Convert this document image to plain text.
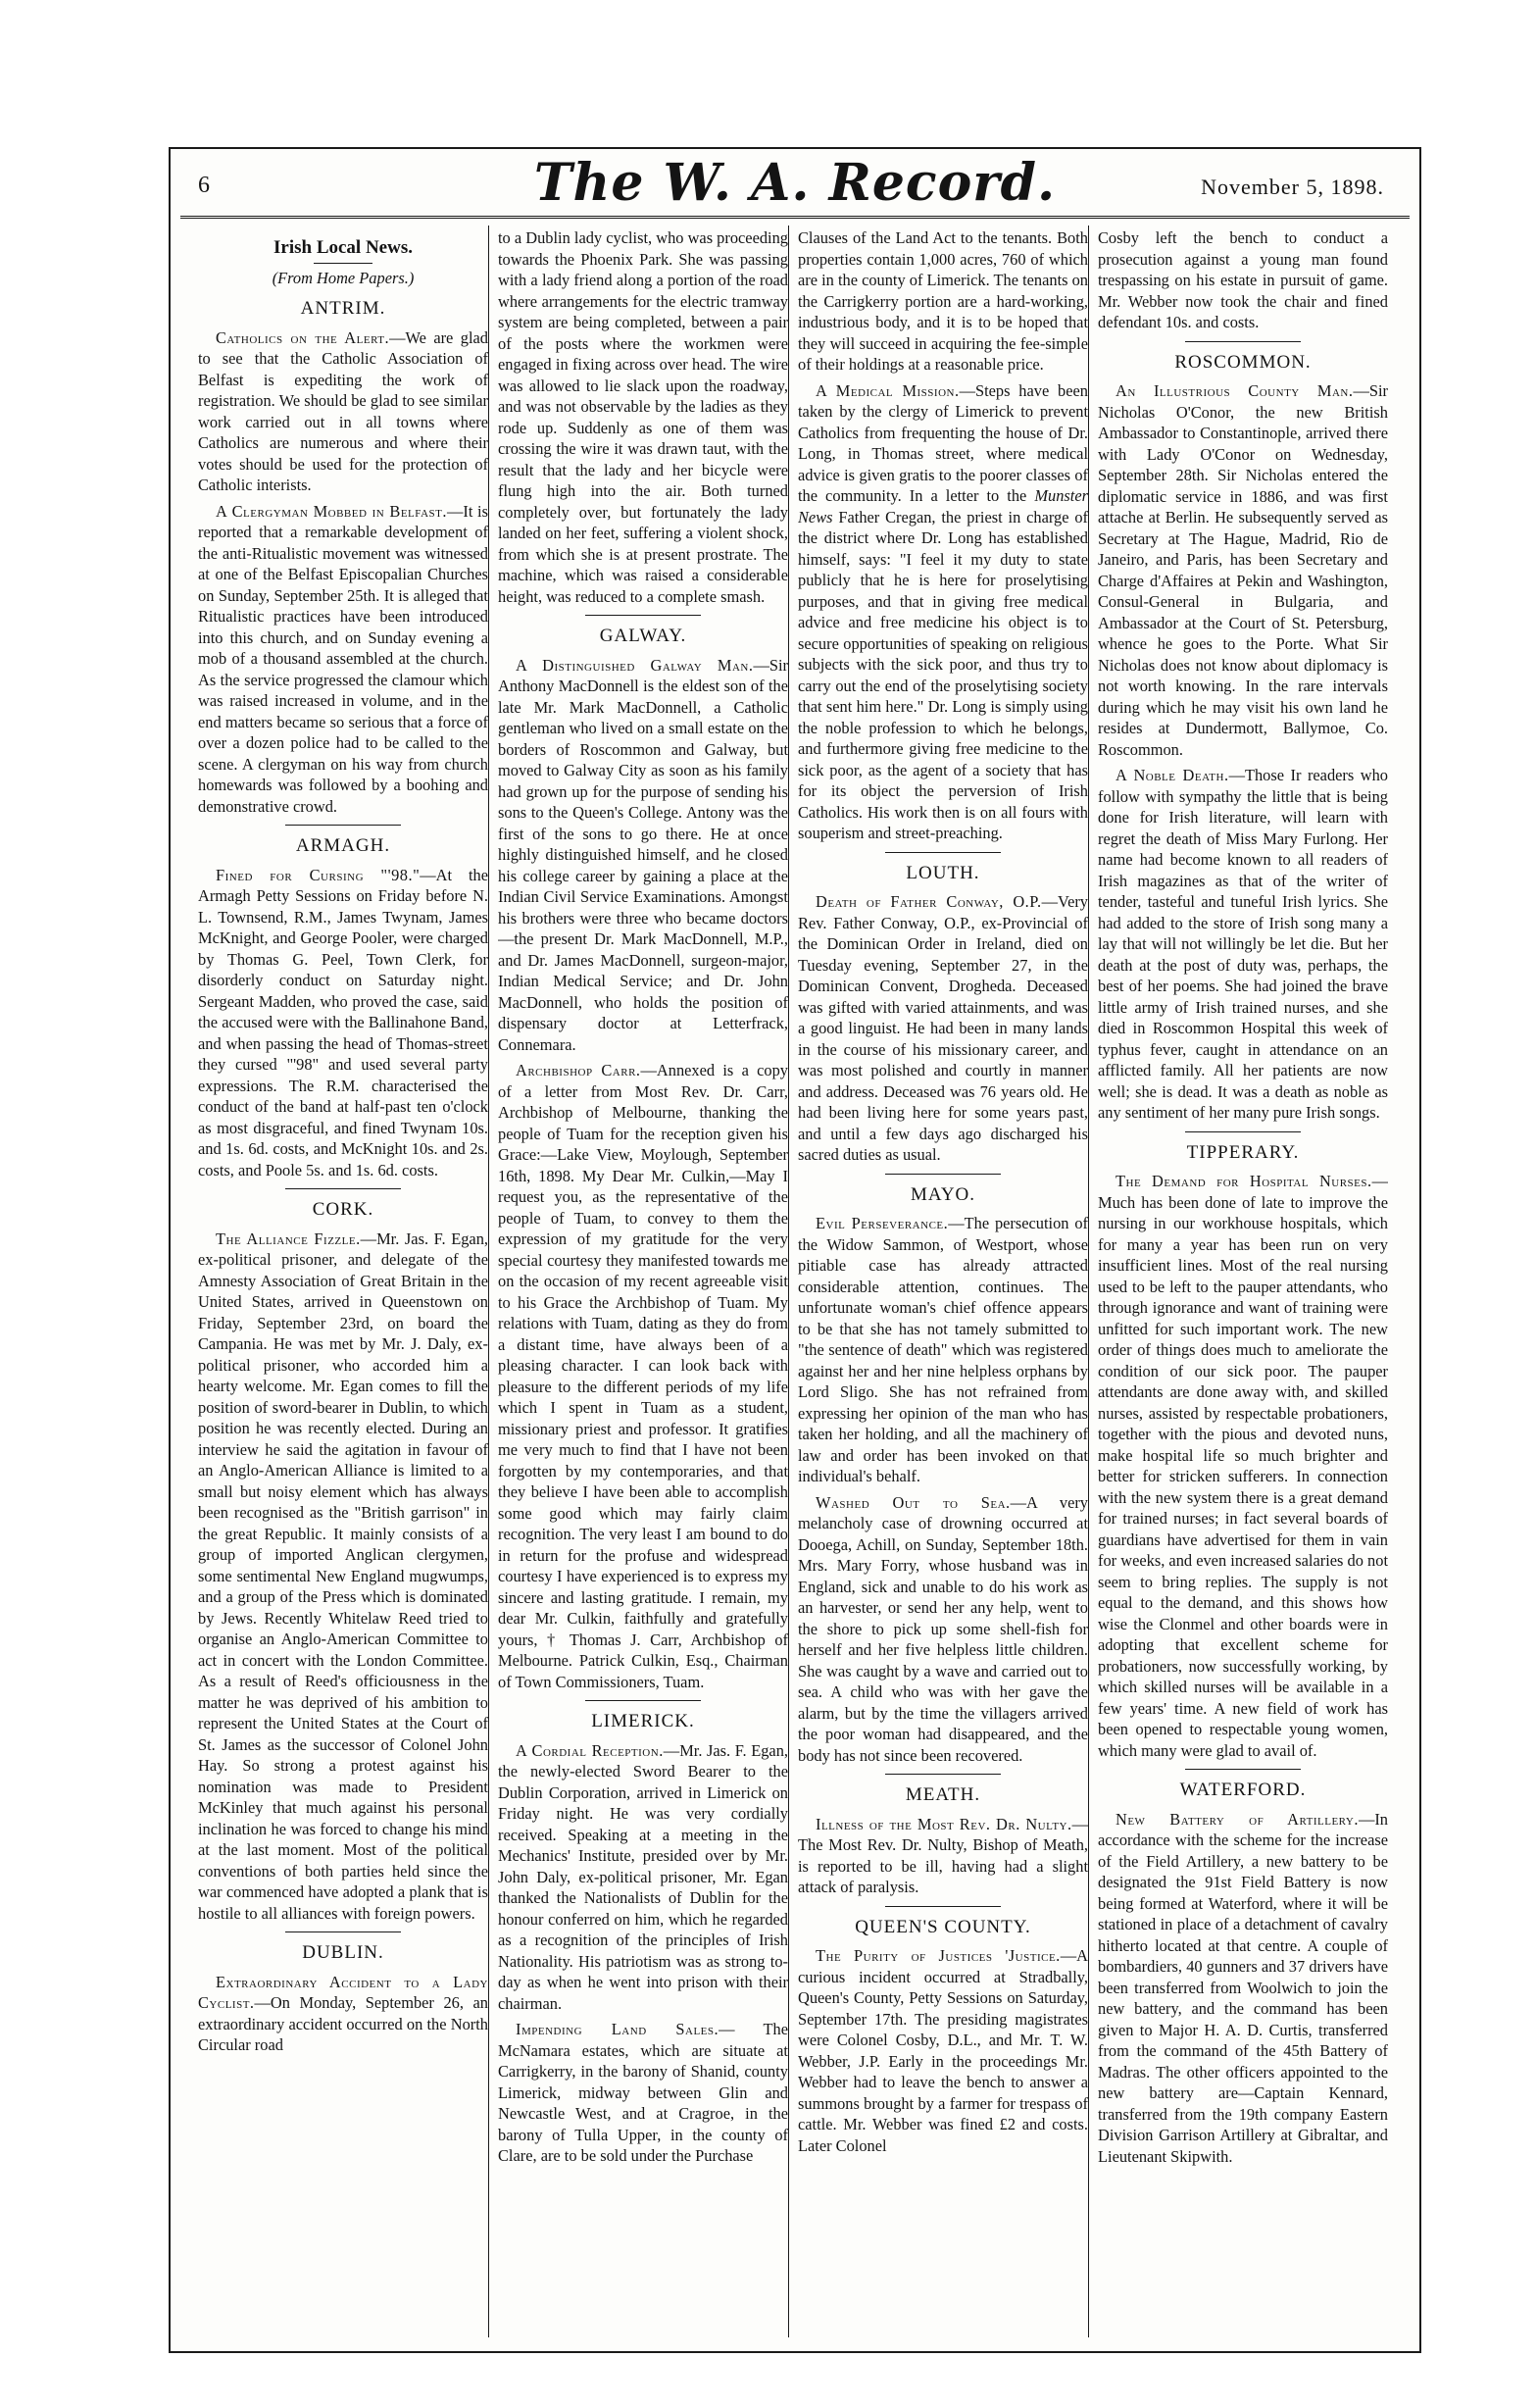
6	The W. A. Record.	November 5, 1898.
Irish Local News.

(From Home Papers.)

ANTRIM.

Catholics on the Alert.—We are glad to see that the Catholic Association of Belfast is expediting the work of registration. We should be glad to see similar work carried out in all towns where Catholics are numerous and where their votes should be used for the protection of Catholic interists.

A Clergyman Mobbed in Belfast.—It is reported that a remarkable development of the anti-Ritualistic movement was witnessed at one of the Belfast Episcopalian Churches on Sunday, September 25th. It is alleged that Ritualistic practices have been introduced into this church, and on Sunday evening a mob of a thousand assembled at the church. As the service progressed the clamour which was raised increased in volume, and in the end matters became so serious that a force of over a dozen police had to be called to the scene. A clergyman on his way from church homewards was followed by a boohing and demonstrative crowd.

ARMAGH.

Fined for Cursing "'98."—At the Armagh Petty Sessions on Friday before N. L. Townsend, R.M., James Twynam, James McKnight, and George Pooler, were charged by Thomas G. Peel, Town Clerk, for disorderly conduct on Saturday night. Sergeant Madden, who proved the case, said the accused were with the Ballinahone Band, and when passing the head of Thomas-street they cursed "'98" and used several party expressions. The R.M. characterised the conduct of the band at half-past ten o'clock as most disgraceful, and fined Twynam 10s. and 1s. 6d. costs, and McKnight 10s. and 2s. costs, and Poole 5s. and 1s. 6d. costs.

CORK.

The Alliance Fizzle.—Mr. Jas. F. Egan, ex-political prisoner, and delegate of the Amnesty Association of Great Britain in the United States, arrived in Queenstown on Friday, September 23rd, on board the Campania. He was met by Mr. J. Daly, ex-political prisoner, who accorded him a hearty welcome. Mr. Egan comes to fill the position of sword-bearer in Dublin, to which position he was recently elected. During an interview he said the agitation in favour of an Anglo-American Alliance is limited to a small but noisy element which has always been recognised as the "British garrison" in the great Republic. It mainly consists of a group of imported Anglican clergymen, some sentimental New England mugwumps, and a group of the Press which is dominated by Jews. Recently Whitelaw Reed tried to organise an Anglo-American Committee to act in concert with the London Committee. As a result of Reed's officiousness in the matter he was deprived of his ambition to represent the United States at the Court of St. James as the successor of Colonel John Hay. So strong a protest against his nomination was made to President McKinley that much against his personal inclination he was forced to change his mind at the last moment. Most of the political conventions of both parties held since the war commenced have adopted a plank that is hostile to all alliances with foreign powers.

DUBLIN.

Extraordinary Accident to a Lady Cyclist.—On Monday, September 26, an extraordinary accident occurred on the North Circular road

to a Dublin lady cyclist, who was proceeding towards the Phoenix Park. She was passing with a lady friend along a portion of the road where arrangements for the electric tramway system are being completed, between a pair of the posts where the workmen were engaged in fixing across over head. The wire was allowed to lie slack upon the roadway, and was not observable by the ladies as they rode up. Suddenly as one of them was crossing the wire it was drawn taut, with the result that the lady and her bicycle were flung high into the air. Both turned completely over, but fortunately the lady landed on her feet, suffering a violent shock, from which she is at present prostrate. The machine, which was raised a considerable height, was reduced to a complete smash.

GALWAY.

A Distinguished Galway Man.—Sir Anthony MacDonnell is the eldest son of the late Mr. Mark MacDonnell, a Catholic gentleman who lived on a small estate on the borders of Roscommon and Galway, but moved to Galway City as soon as his family had grown up for the purpose of sending his sons to the Queen's College. Antony was the first of the sons to go there. He at once highly distinguished himself, and he closed his college career by gaining a place at the Indian Civil Service Examinations. Amongst his brothers were three who became doctors—the present Dr. Mark MacDonnell, M.P., and Dr. James MacDonnell, surgeon-major, Indian Medical Service; and Dr. John MacDonnell, who holds the position of dispensary doctor at Letterfrack, Connemara.

Archbishop Carr.—Annexed is a copy of a letter from Most Rev. Dr. Carr, Archbishop of Melbourne, thanking the people of Tuam for the reception given his Grace:—Lake View, Moylough, September 16th, 1898. My Dear Mr. Culkin,—May I request you, as the representative of the people of Tuam, to convey to them the expression of my gratitude for the very special courtesy they manifested towards me on the occasion of my recent agreeable visit to his Grace the Archbishop of Tuam. My relations with Tuam, dating as they do from a distant time, have always been of a pleasing character. I can look back with pleasure to the different periods of my life which I spent in Tuam as a student, missionary priest and professor. It gratifies me very much to find that I have not been forgotten by my contemporaries, and that they believe I have been able to accomplish some good which may fairly claim recognition. The very least I am bound to do in return for the profuse and widespread courtesy I have experienced is to express my sincere and lasting gratitude. I remain, my dear Mr. Culkin, faithfully and gratefully yours, † Thomas J. Carr, Archbishop of Melbourne. Patrick Culkin, Esq., Chairman of Town Commissioners, Tuam.

LIMERICK.

A Cordial Reception.—Mr. Jas. F. Egan, the newly-elected Sword Bearer to the Dublin Corporation, arrived in Limerick on Friday night. He was very cordially received. Speaking at a meeting in the Mechanics' Institute, presided over by Mr. John Daly, ex-political prisoner, Mr. Egan thanked the Nationalists of Dublin for the honour conferred on him, which he regarded as a recognition of the principles of Irish Nationality. His patriotism was as strong to-day as when he went into prison with their chairman.

Impending Land Sales.— The McNamara estates, which are situate at Carrigkerry, in the barony of Shanid, county Limerick, midway between Glin and Newcastle West, and at Cragroe, in the barony of Tulla Upper, in the county of Clare, are to be sold under the Purchase

Clauses of the Land Act to the tenants. Both properties contain 1,000 acres, 760 of which are in the county of Limerick. The tenants on the Carrigkerry portion are a hard-working, industrious body, and it is to be hoped that they will succeed in acquiring the fee-simple of their holdings at a reasonable price.

A Medical Mission.—Steps have been taken by the clergy of Limerick to prevent Catholics from frequenting the house of Dr. Long, in Thomas street, where medical advice is given gratis to the poorer classes of the community. In a letter to the Munster News Father Cregan, the priest in charge of the district where Dr. Long has established himself, says: "I feel it my duty to state publicly that he is here for proselytising purposes, and that in giving free medical advice and free medicine his object is to secure opportunities of speaking on religious subjects with the sick poor, and thus try to carry out the end of the proselytising society that sent him here." Dr. Long is simply using the noble profession to which he belongs, and furthermore giving free medicine to the sick poor, as the agent of a society that has for its object the perversion of Irish Catholics. His work then is on all fours with souperism and street-preaching.

LOUTH.

Death of Father Conway, O.P.—Very Rev. Father Conway, O.P., ex-Provincial of the Dominican Order in Ireland, died on Tuesday evening, September 27, in the Dominican Convent, Drogheda. Deceased was gifted with varied attainments, and was a good linguist. He had been in many lands in the course of his missionary career, and was most polished and courtly in manner and address. Deceased was 76 years old. He had been living here for some years past, and until a few days ago discharged his sacred duties as usual.

MAYO.

Evil Perseverance.—The persecution of the Widow Sammon, of Westport, whose pitiable case has already attracted considerable attention, continues. The unfortunate woman's chief offence appears to be that she has not tamely submitted to "the sentence of death" which was registered against her and her nine helpless orphans by Lord Sligo. She has not refrained from expressing her opinion of the man who has taken her holding, and all the machinery of law and order has been invoked on that individual's behalf.

Washed Out to Sea.—A very melancholy case of drowning occurred at Dooega, Achill, on Sunday, September 18th. Mrs. Mary Forry, whose husband was in England, sick and unable to do his work as an harvester, or send her any help, went to the shore to pick up some shell-fish for herself and her five helpless little children. She was caught by a wave and carried out to sea. A child who was with her gave the alarm, but by the time the villagers arrived the poor woman had disappeared, and the body has not since been recovered.

MEATH.

Illness of the Most Rev. Dr. Nulty.—The Most Rev. Dr. Nulty, Bishop of Meath, is reported to be ill, having had a slight attack of paralysis.

QUEEN'S COUNTY.

The Purity of Justices 'Justice.—A curious incident occurred at Stradbally, Queen's County, Petty Sessions on Saturday, September 17th. The presiding magistrates were Colonel Cosby, D.L., and Mr. T. W. Webber, J.P. Early in the proceedings Mr. Webber had to leave the bench to answer a summons brought by a farmer for trespass of cattle. Mr. Webber was fined £2 and costs. Later Colonel

Cosby left the bench to conduct a prosecution against a young man found trespassing on his estate in pursuit of game. Mr. Webber now took the chair and fined defendant 10s. and costs.

ROSCOMMON.

An Illustrious County Man.—Sir Nicholas O'Conor, the new British Ambassador to Constantinople, arrived there with Lady O'Conor on Wednesday, September 28th. Sir Nicholas entered the diplomatic service in 1886, and was first attache at Berlin. He subsequently served as Secretary at The Hague, Madrid, Rio de Janeiro, and Paris, has been Secretary and Charge d'Affaires at Pekin and Washington, Consul-General in Bulgaria, and Ambassador at the Court of St. Petersburg, whence he goes to the Porte. What Sir Nicholas does not know about diplomacy is not worth knowing. In the rare intervals during which he may visit his own land he resides at Dundermott, Ballymoe, Co. Roscommon.

A Noble Death.—Those Ir readers who follow with sympathy the little that is being done for Irish literature, will learn with regret the death of Miss Mary Furlong. Her name had become known to all readers of Irish magazines as that of the writer of tender, tasteful and tuneful Irish lyrics. She had added to the store of Irish song many a lay that will not willingly be let die. But her death at the post of duty was, perhaps, the best of her poems. She had joined the brave little army of Irish trained nurses, and she died in Roscommon Hospital this week of typhus fever, caught in attendance on an afflicted family. All her patients are now well; she is dead. It was a death as noble as any sentiment of her many pure Irish songs.

TIPPERARY.

The Demand for Hospital Nurses.—Much has been done of late to improve the nursing in our workhouse hospitals, which for many a year has been run on very insufficient lines. Most of the real nursing used to be left to the pauper attendants, who through ignorance and want of training were unfitted for such important work. The new order of things does much to ameliorate the condition of our sick poor. The pauper attendants are done away with, and skilled nurses, assisted by respectable probationers, together with the pious and devoted nuns, make hospital life so much brighter and better for stricken sufferers. In connection with the new system there is a great demand for trained nurses; in fact several boards of guardians have advertised for them in vain for weeks, and even increased salaries do not seem to bring replies. The supply is not equal to the demand, and this shows how wise the Clonmel and other boards were in adopting that excellent scheme for probationers, now successfully working, by which skilled nurses will be available in a few years' time. A new field of work has been opened to respectable young women, which many were glad to avail of.

WATERFORD.

New Battery of Artillery.—In accordance with the scheme for the increase of the Field Artillery, a new battery to be designated the 91st Field Battery is now being formed at Waterford, where it will be stationed in place of a detachment of cavalry hitherto located at that centre. A couple of bombardiers, 40 gunners and 37 drivers have been transferred from Woolwich to join the new battery, and the command has been given to Major H. A. D. Curtis, transferred from the command of the 45th Battery of Madras. The other officers appointed to the new battery are—Captain Kennard, transferred from the 19th company Eastern Division Garrison Artillery at Gibraltar, and Lieutenant Skipwith.
